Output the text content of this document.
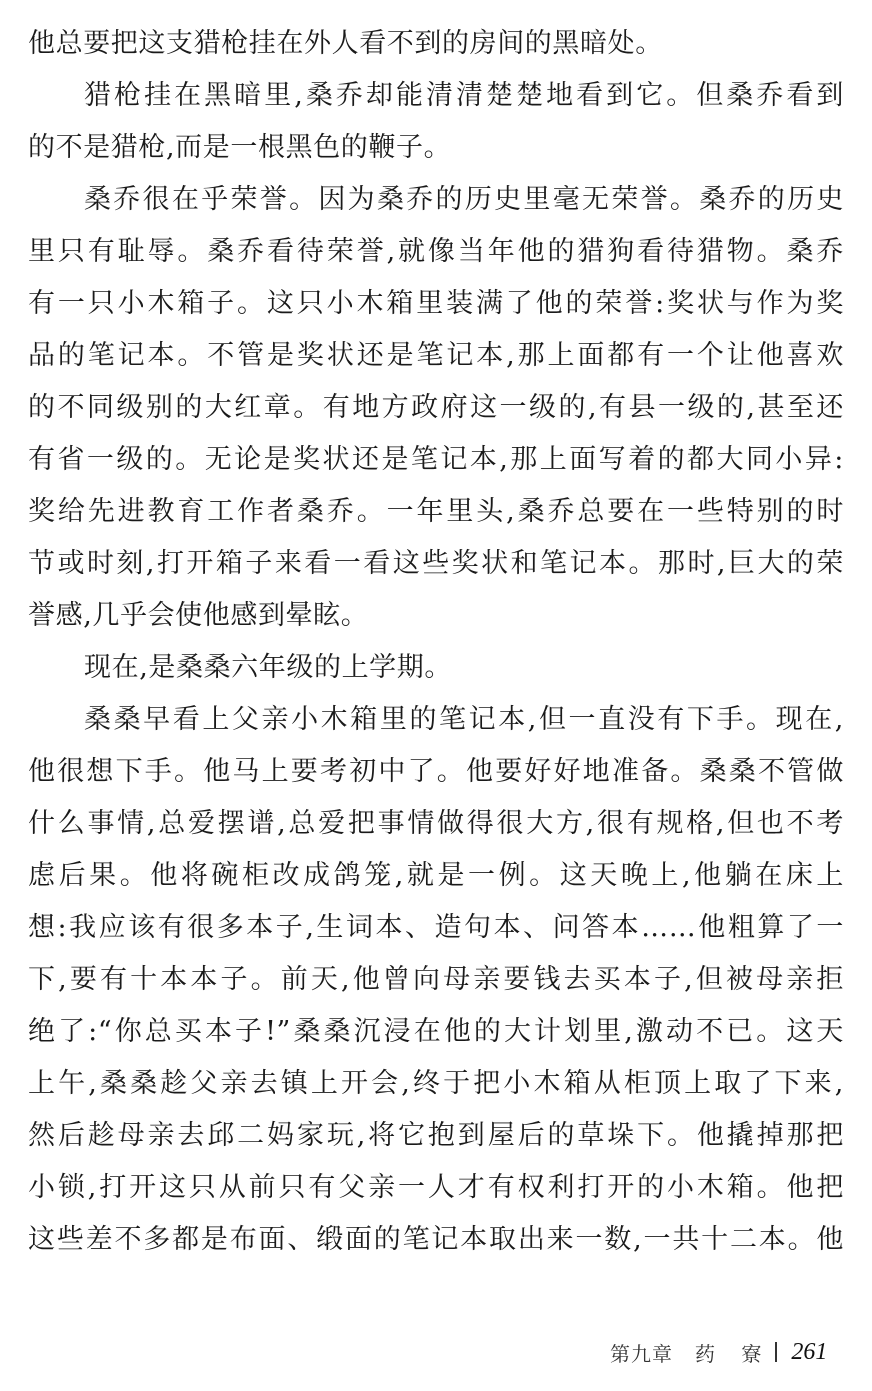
他总要把这支猎枪挂在外人看不到的房间的黑暗处。
猎枪挂在黑暗里,桑乔却能清清楚楚地看到它。但桑乔看到
的不是猎枪,而是一根黑色的鞭子。
桑乔很在乎荣誉。因为桑乔的历史里毫无荣誉。桑乔的历史
里只有耻辱。桑乔看待荣誉,就像当年他的猎狗看待猎物。桑乔
有一只小木箱子。这只小木箱里装满了他的荣誉:奖状与作为奖
品的笔记本。不管是奖状还是笔记本,那上面都有一个让他喜欢
的不同级别的大红章。有地方政府这一级的,有县一级的,甚至还
有省一级的。无论是奖状还是笔记本,那上面写着的都大同小异:
奖给先进教育工作者桑乔。一年里头,桑乔总要在一些特别的时
节或时刻,打开箱子来看一看这些奖状和笔记本。那时,巨大的荣
誉感,几乎会使他感到晕眩。
现在,是桑桑六年级的上学期。
桑桑早看上父亲小木箱里的笔记本,但一直没有下手。现在,
他很想下手。他马上要考初中了。他要好好地准备。桑桑不管做
什么事情,总爱摆谱,总爱把事情做得很大方,很有规格,但也不考
虑后果。他将碗柜改成鸽笼,就是一例。这天晚上,他躺在床上
想:我应该有很多本子,生词本、造句本、问答本……他粗算了一
下,要有十本本子。前天,他曾向母亲要钱去买本子,但被母亲拒
绝了:“你总买本子!”桑桑沉浸在他的大计划里,激动不已。这天
上午,桑桑趁父亲去镇上开会,终于把小木箱从柜顶上取了下来,
然后趁母亲去邱二妈家玩,将它抱到屋后的草垛下。他撬掉那把
小锁,打开这只从前只有父亲一人才有权利打开的小木箱。他把
这些差不多都是布面、缎面的笔记本取出来一数,一共十二本。他
第九章 药 寮 261
